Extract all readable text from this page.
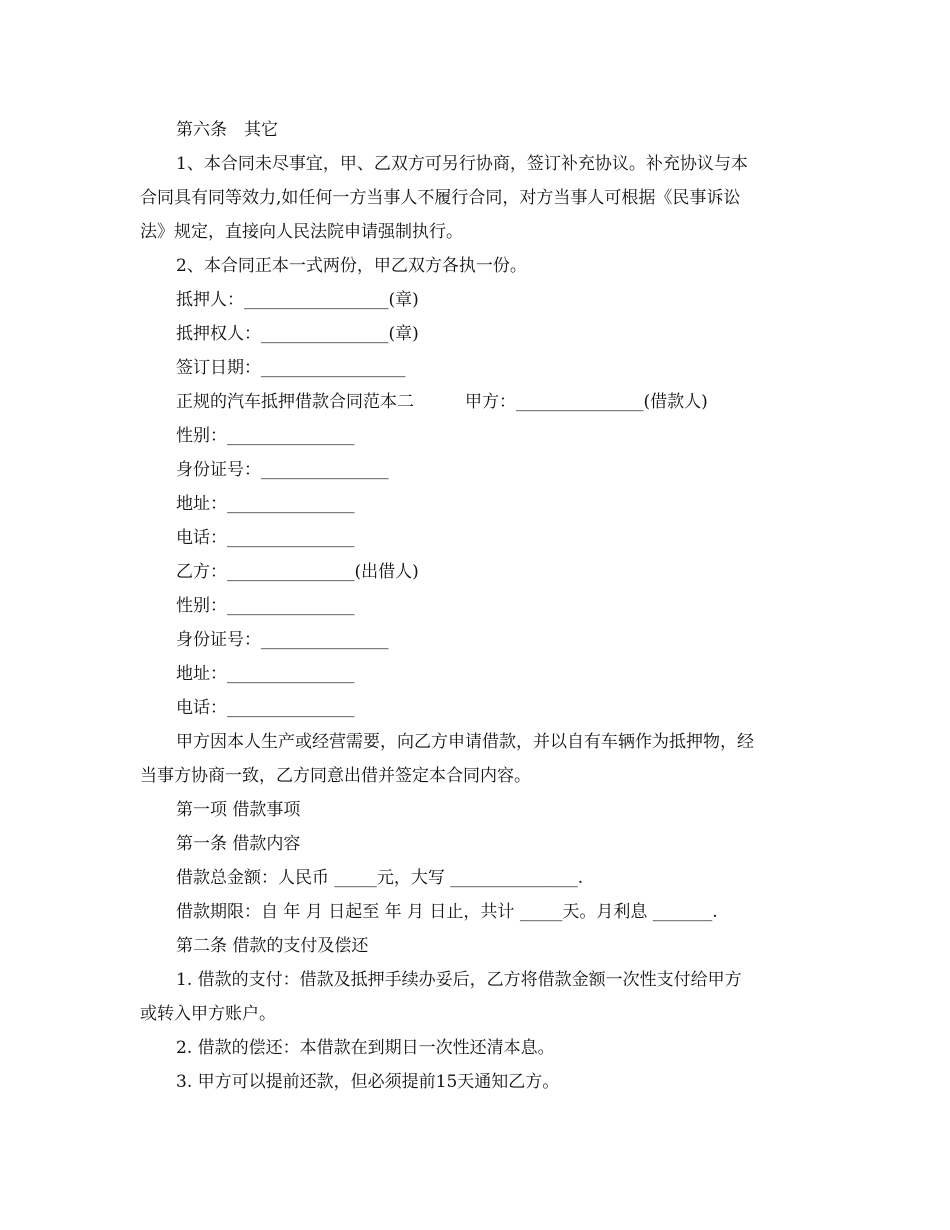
第六条　其它
1、本合同未尽事宜，甲、乙双方可另行协商，签订补充协议。补充协议与本
合同具有同等效力,如任何一方当事人不履行合同，对方当事人可根据《民事诉讼
法》规定，直接向人民法院申请强制执行。
2、本合同正本一式两份，甲乙双方各执一份。
抵押人：_________________(章)
抵押权人：_______________(章)
签订日期：_________________
正规的汽车抵押借款合同范本二　　　甲方：_______________(借款人)
性别：_______________
身份证号：_______________
地址：_______________
电话：_______________
乙方：_______________(出借人)
性别：_______________
身份证号：_______________
地址：_______________
电话：_______________
甲方因本人生产或经营需要，向乙方申请借款，并以自有车辆作为抵押物，经
当事方协商一致，乙方同意出借并签定本合同内容。
第一项 借款事项
第一条 借款内容
借款总金额：人民币 _____元，大写 _______________.
借款期限：自 年 月 日起至 年 月 日止，共计 _____天。月利息 _______.
第二条 借款的支付及偿还
1. 借款的支付：借款及抵押手续办妥后，乙方将借款金额一次性支付给甲方
或转入甲方账户。
2. 借款的偿还：本借款在到期日一次性还清本息。
3. 甲方可以提前还款，但必须提前15天通知乙方。
